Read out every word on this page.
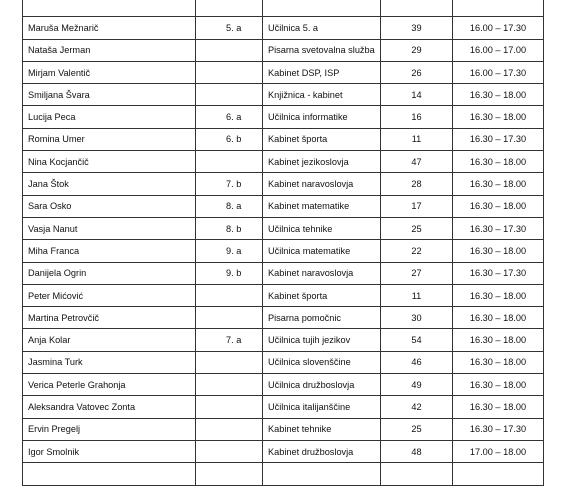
Maruša Mežnarič	5. a	Učilnica 5. a	39	16.00 – 17.30
Nataša Jerman		Pisarna svetovalna služba	29	16.00 – 17.00
Mirjam Valentič		Kabinet DSP, ISP	26	16.00 – 17.30
Smiljana Švara		Knjižnica - kabinet	14	16.30 – 18.00
Lucija Peca	6. a	Učilnica informatike	16	16.30 – 18.00
Romina Umer	6. b	Kabinet športa	11	16.30 – 17.30
Nina Kocjančič		Kabinet jezikoslovja	47	16.30 – 18.00
Jana Štok	7. b	Kabinet naravoslovja	28	16.30 – 18.00
Sara Osko	8. a	Kabinet matematike	17	16.30 – 18.00
Vasja Nanut	8. b	Učilnica tehnike	25	16.30 – 17.30
Miha Franca	9. a	Učilnica matematike	22	16.30 – 18.00
Danijela Ogrin	9. b	Kabinet naravoslovja	27	16.30 – 17.30
Peter Mićović		Kabinet športa	11	16.30 – 18.00
Martina Petrovčič		Pisarna pomočnic	30	16.30 – 18.00
Anja Kolar	7. a	Učilnica tujih jezikov	54	16.30 – 18.00
Jasmina Turk		Učilnica slovenščine	46	16.30 – 18.00
Verica Peterle Grahonja		Učilnica družboslovja	49	16.30 – 18.00
Aleksandra Vatovec Zonta		Učilnica italijanščine	42	16.30 – 18.00
Ervin Pregelj		Kabinet tehnike	25	16.30 – 17.30
Igor Smolnik		Kabinet družboslovja	48	17.00 – 18.00
